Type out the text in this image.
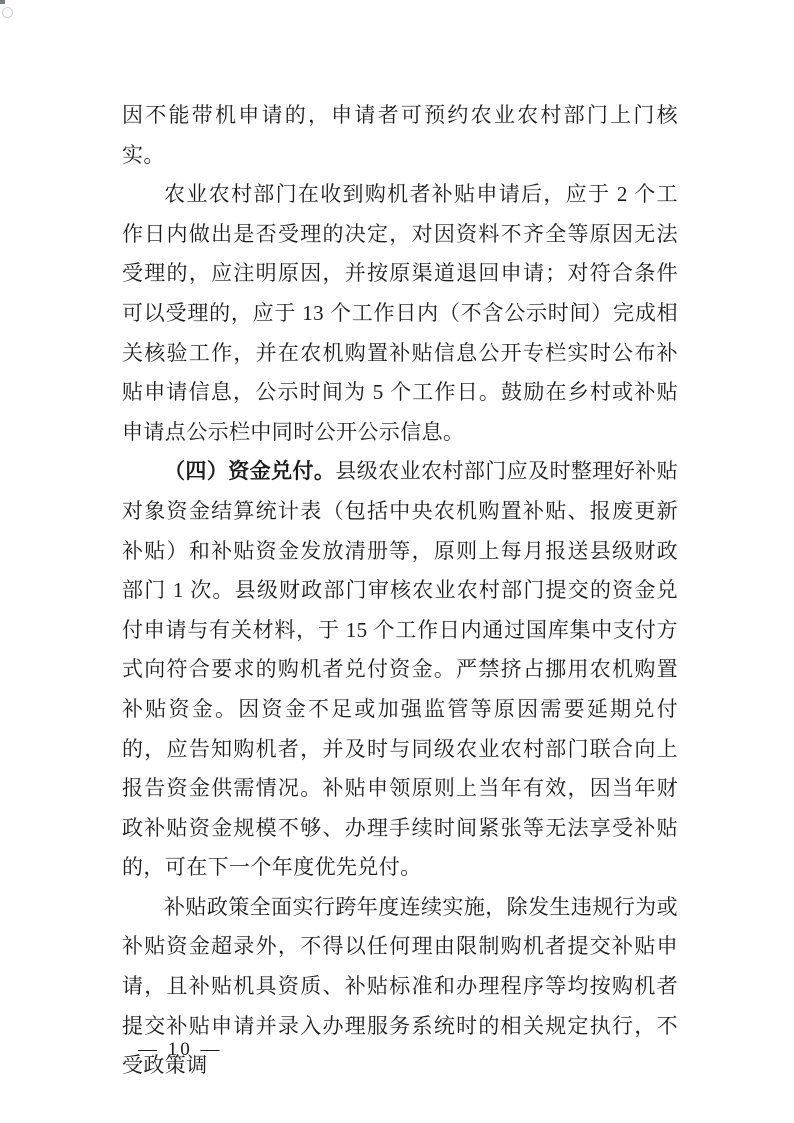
因不能带机申请的，申请者可预约农业农村部门上门核实。

农业农村部门在收到购机者补贴申请后，应于 2 个工作日内做出是否受理的决定，对因资料不齐全等原因无法受理的，应注明原因，并按原渠道退回申请；对符合条件可以受理的，应于 13 个工作日内（不含公示时间）完成相关核验工作，并在农机购置补贴信息公开专栏实时公布补贴申请信息，公示时间为 5 个工作日。鼓励在乡村或补贴申请点公示栏中同时公开公示信息。

（四）资金兑付。县级农业农村部门应及时整理好补贴对象资金结算统计表（包括中央农机购置补贴、报废更新补贴）和补贴资金发放清册等，原则上每月报送县级财政部门 1 次。县级财政部门审核农业农村部门提交的资金兑付申请与有关材料，于 15 个工作日内通过国库集中支付方式向符合要求的购机者兑付资金。严禁挤占挪用农机购置补贴资金。因资金不足或加强监管等原因需要延期兑付的，应告知购机者，并及时与同级农业农村部门联合向上报告资金供需情况。补贴申领原则上当年有效，因当年财政补贴资金规模不够、办理手续时间紧张等无法享受补贴的，可在下一个年度优先兑付。

补贴政策全面实行跨年度连续实施，除发生违规行为或补贴资金超录外，不得以任何理由限制购机者提交补贴申请，且补贴机具资质、补贴标准和办理程序等均按购机者提交补贴申请并录入办理服务系统时的相关规定执行，不受政策调

— 10 —
